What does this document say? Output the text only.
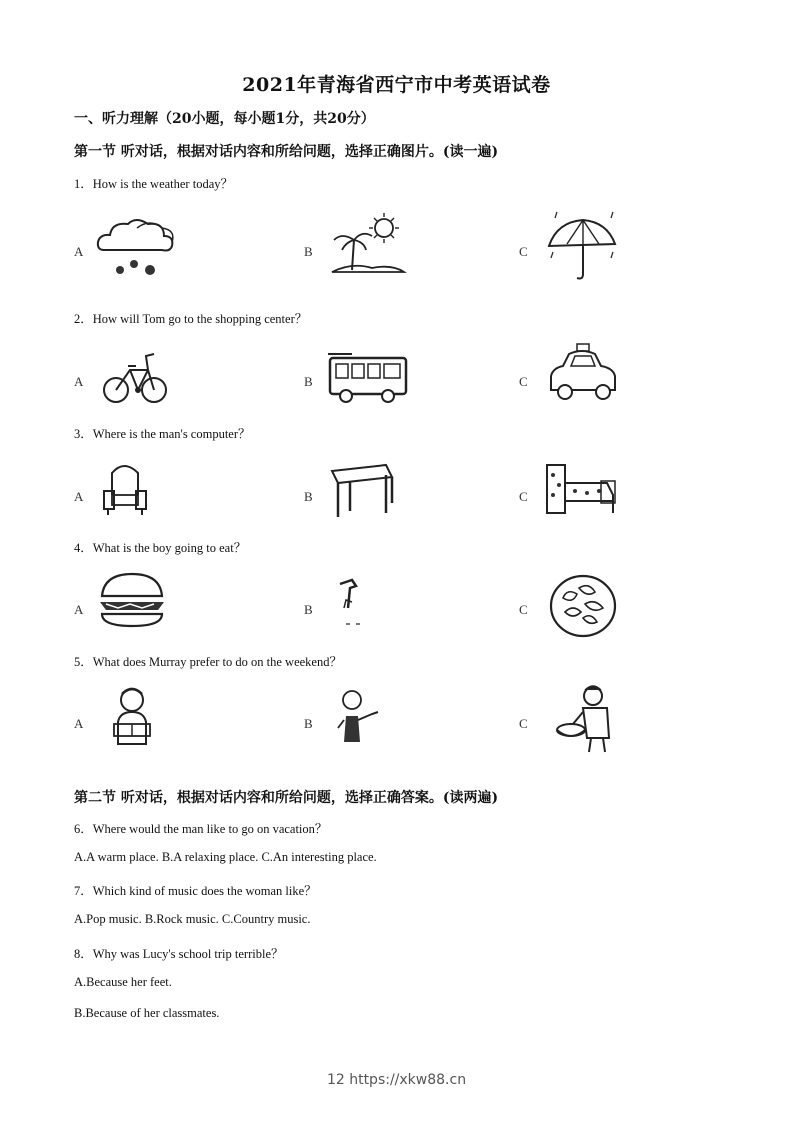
2021年青海省西宁市中考英语试卷
一、听力理解（20小题，每小题1分，共20分）
第一节 听对话，根据对话内容和所给问题，选择正确图片。(读一遍)
1．How is the weather today？
A	B	C
2．How will Tom go to the shopping center？
A	B	C
3．Where is the man's computer？
A	B	C
4．What is the boy going to eat？
A	B	C
5．What does Murray prefer to do on the weekend？
A	B	C
第二节 听对话，根据对话内容和所给问题，选择正确答案。(读两遍)
6．Where would the man like to go on vacation？
A.A warm place. B.A relaxing place. C.An interesting place.
7．Which kind of music does the woman like？
A.Pop music. B.Rock music. C.Country music.
8．Why was Lucy's school trip terrible？
A.Because her feet.
B.Because of her classmates.
12 https://xkw88.cn
